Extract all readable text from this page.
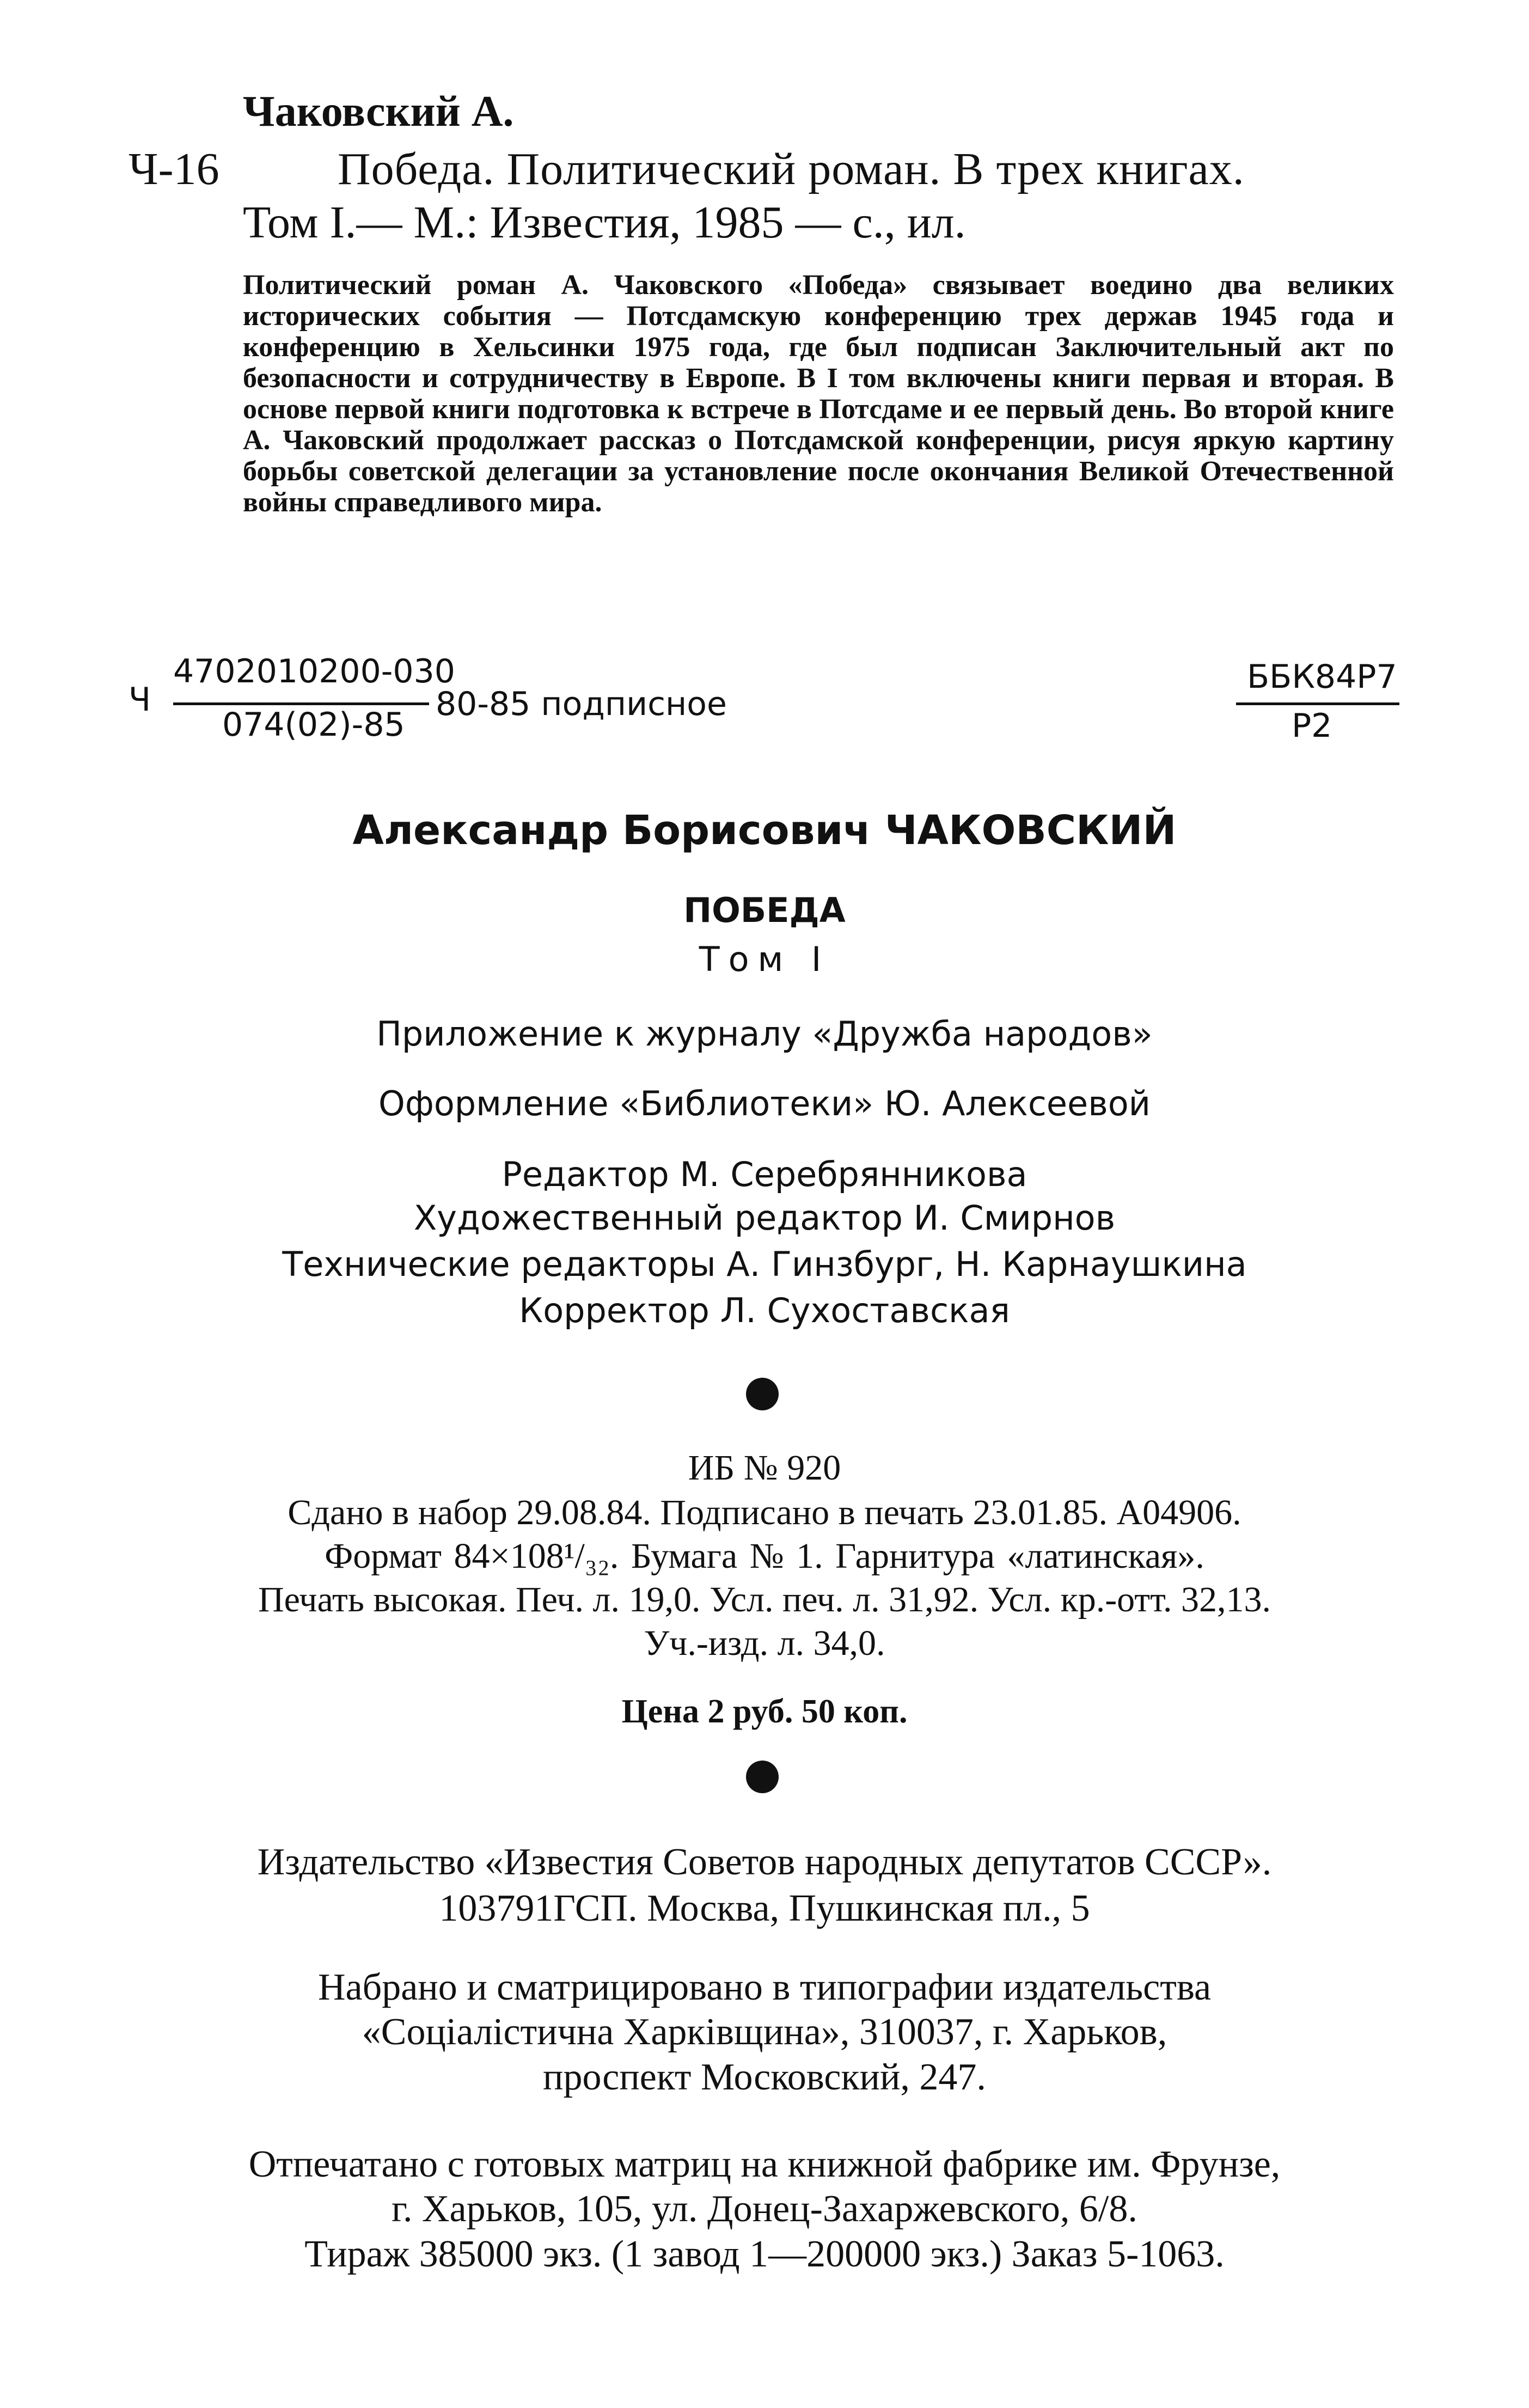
Чаковский А.
Ч-16	Победа. Политический роман. В трех книгах.
Том I.— М.: Известия, 1985 — с., ил.
Политический роман А. Чаковского «Победа» связывает воедино два великих исторических события — Потсдамскую конференцию трех держав 1945 года и конференцию в Хельсинки 1975 года, где был подписан Заключительный акт по безопасности и сотрудничеству в Европе. В I том включены книги первая и вторая. В основе первой книги подготовка к встрече в Потсдаме и ее первый день. Во второй книге А. Чаковский продолжает рассказ о Потсдамской конференции, рисуя яркую картину борьбы советской делегации за установление после окончания Великой Отечественной войны справедливого мира.
Ч
4702010200-030
074(02)-85
80-85 подписное
ББК84Р7
Р2
Александр Борисович ЧАКОВСКИЙ
ПОБЕДА
Том I
Приложение к журналу «Дружба народов»
Оформление «Библиотеки» Ю. Алексеевой
Редактор М. Серебрянникова
Художественный редактор И. Смирнов
Технические редакторы А. Гинзбург, Н. Карнаушкина
Корректор Л. Сухоставская
ИБ № 920
Сдано в набор 29.08.84. Подписано в печать 23.01.85. А04906.
Формат 84×108¹/₃₂. Бумага № 1. Гарнитура «латинская».
Печать высокая. Печ. л. 19,0. Усл. печ. л. 31,92. Усл. кр.-отт. 32,13.
Уч.-изд. л. 34,0.
Цена 2 руб. 50 коп.
Издательство «Известия Советов народных депутатов СССР».
103791ГСП. Москва, Пушкинская пл., 5
Набрано и сматрицировано в типографии издательства
«Соціалістична Харківщина», 310037, г. Харьков,
проспект Московский, 247.
Отпечатано с готовых матриц на книжной фабрике им. Фрунзе,
г. Харьков, 105, ул. Донец-Захаржевского, 6/8.
Тираж 385000 экз. (1 завод 1—200000 экз.) Заказ 5-1063.
